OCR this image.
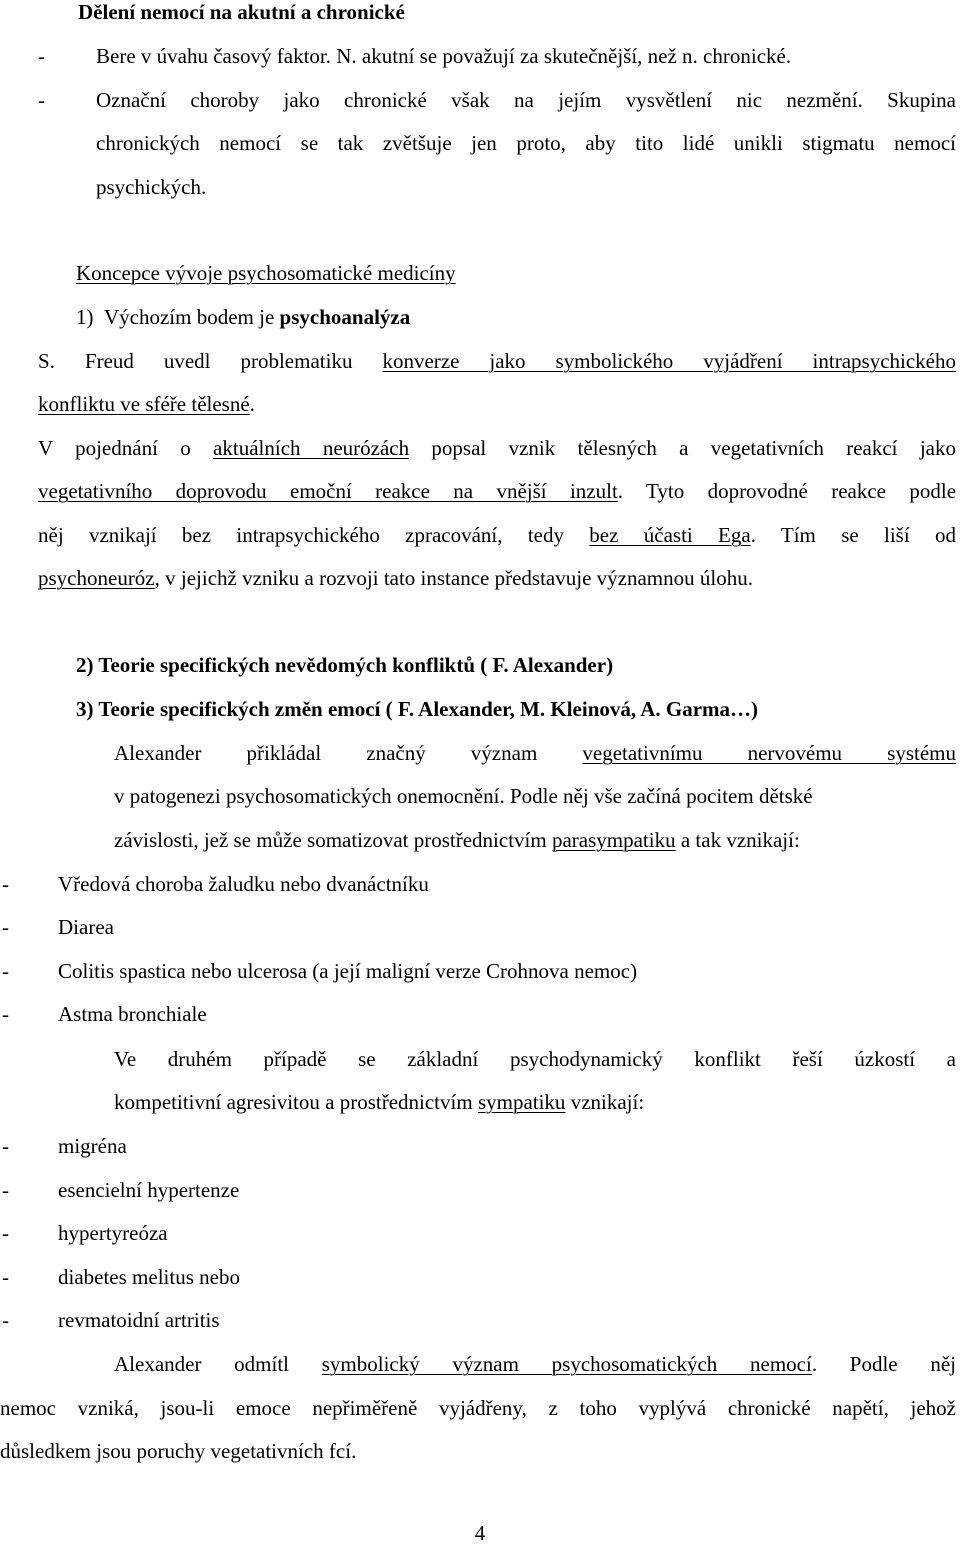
Dělení nemocí na akutní a chronické
- Bere v úvahu časový faktor. N. akutní se považují za skutečnější, než n. chronické.
- Označní choroby jako chronické však na jejím vysvětlení nic nezmění. Skupina
chronických nemocí se tak zvětšuje jen proto, aby tito lidé unikli stigmatu nemocí
psychických.
Koncepce vývoje psychosomatické medicíny
1) Výchozím bodem je psychoanalýza
S. Freud uvedl problematiku konverze jako symbolického vyjádření intrapsychického
konfliktu ve sféře tělesné.
V pojednání o aktuálních neurózách popsal vznik tělesných a vegetativních reakcí jako
vegetativního doprovodu emoční reakce na vnější inzult. Tyto doprovodné reakce podle
něj vznikají bez intrapsychického zpracování, tedy bez účasti Ega. Tím se liší od
psychoneuróz, v jejichž vzniku a rozvoji tato instance představuje významnou úlohu.
2) Teorie specifických nevědomých konfliktů ( F. Alexander)
3) Teorie specifických změn emocí ( F. Alexander, M. Kleinová, A. Garma…)
Alexander přikládal značný význam vegetativnímu nervovému systému
v patogenezi psychosomatických onemocnění. Podle něj vše začíná pocitem dětské
závislosti, jež se může somatizovat prostřednictvím parasympatiku a tak vznikají:
- Vředová choroba žaludku nebo dvanáctníku
- Diarea
- Colitis spastica nebo ulcerosa (a její maligní verze Crohnova nemoc)
- Astma bronchiale
Ve druhém případě se základní psychodynamický konflikt řeší úzkostí a
kompetitivní agresivitou a prostřednictvím sympatiku vznikají:
- migréna
- esencielní hypertenze
- hypertyreóza
- diabetes melitus nebo
- revmatoidní artritis
Alexander odmítl symbolický význam psychosomatických nemocí. Podle něj
nemoc vzniká, jsou-li emoce nepřiměřeně vyjádřeny, z toho vyplývá chronické napětí, jehož
důsledkem jsou poruchy vegetativních fcí.
4
